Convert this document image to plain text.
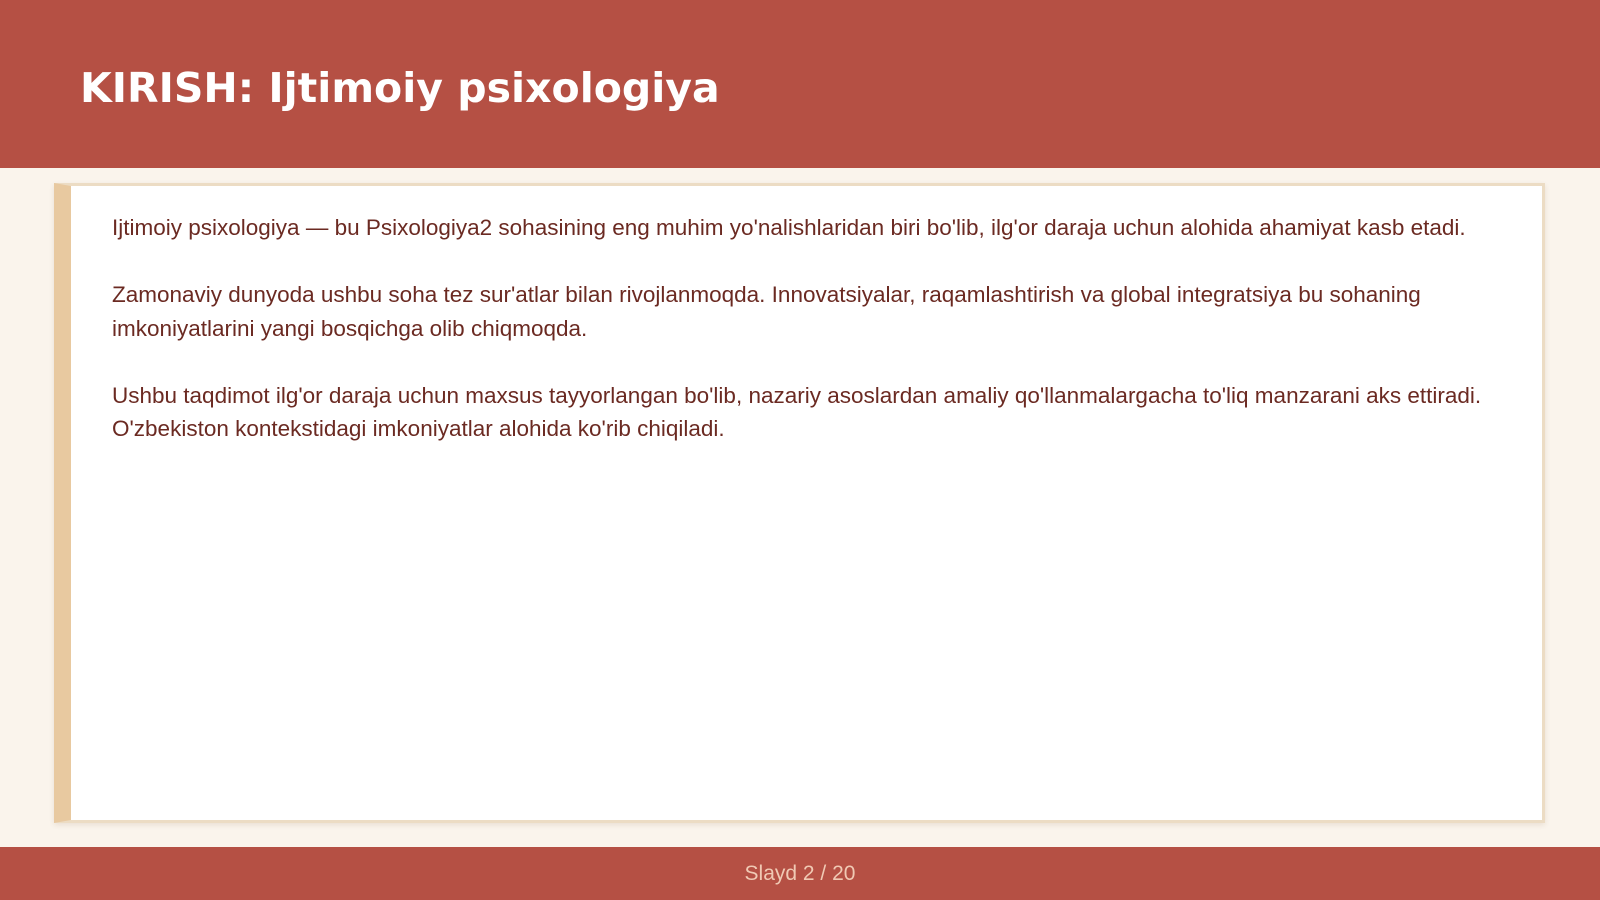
KIRISH: Ijtimoiy psixologiya

Ijtimoiy psixologiya — bu Psixologiya2 sohasining eng muhim yo'nalishlaridan biri bo'lib, ilg'or daraja uchun alohida ahamiyat kasb etadi.

Zamonaviy dunyoda ushbu soha tez sur'atlar bilan rivojlanmoqda. Innovatsiyalar, raqamlashtirish va global integratsiya bu sohaning imkoniyatlarini yangi bosqichga olib chiqmoqda.

Ushbu taqdimot ilg'or daraja uchun maxsus tayyorlangan bo'lib, nazariy asoslardan amaliy qo'llanmalargacha to'liq manzarani aks ettiradi. O'zbekiston kontekstidagi imkoniyatlar alohida ko'rib chiqiladi.

Slayd 2 / 20
